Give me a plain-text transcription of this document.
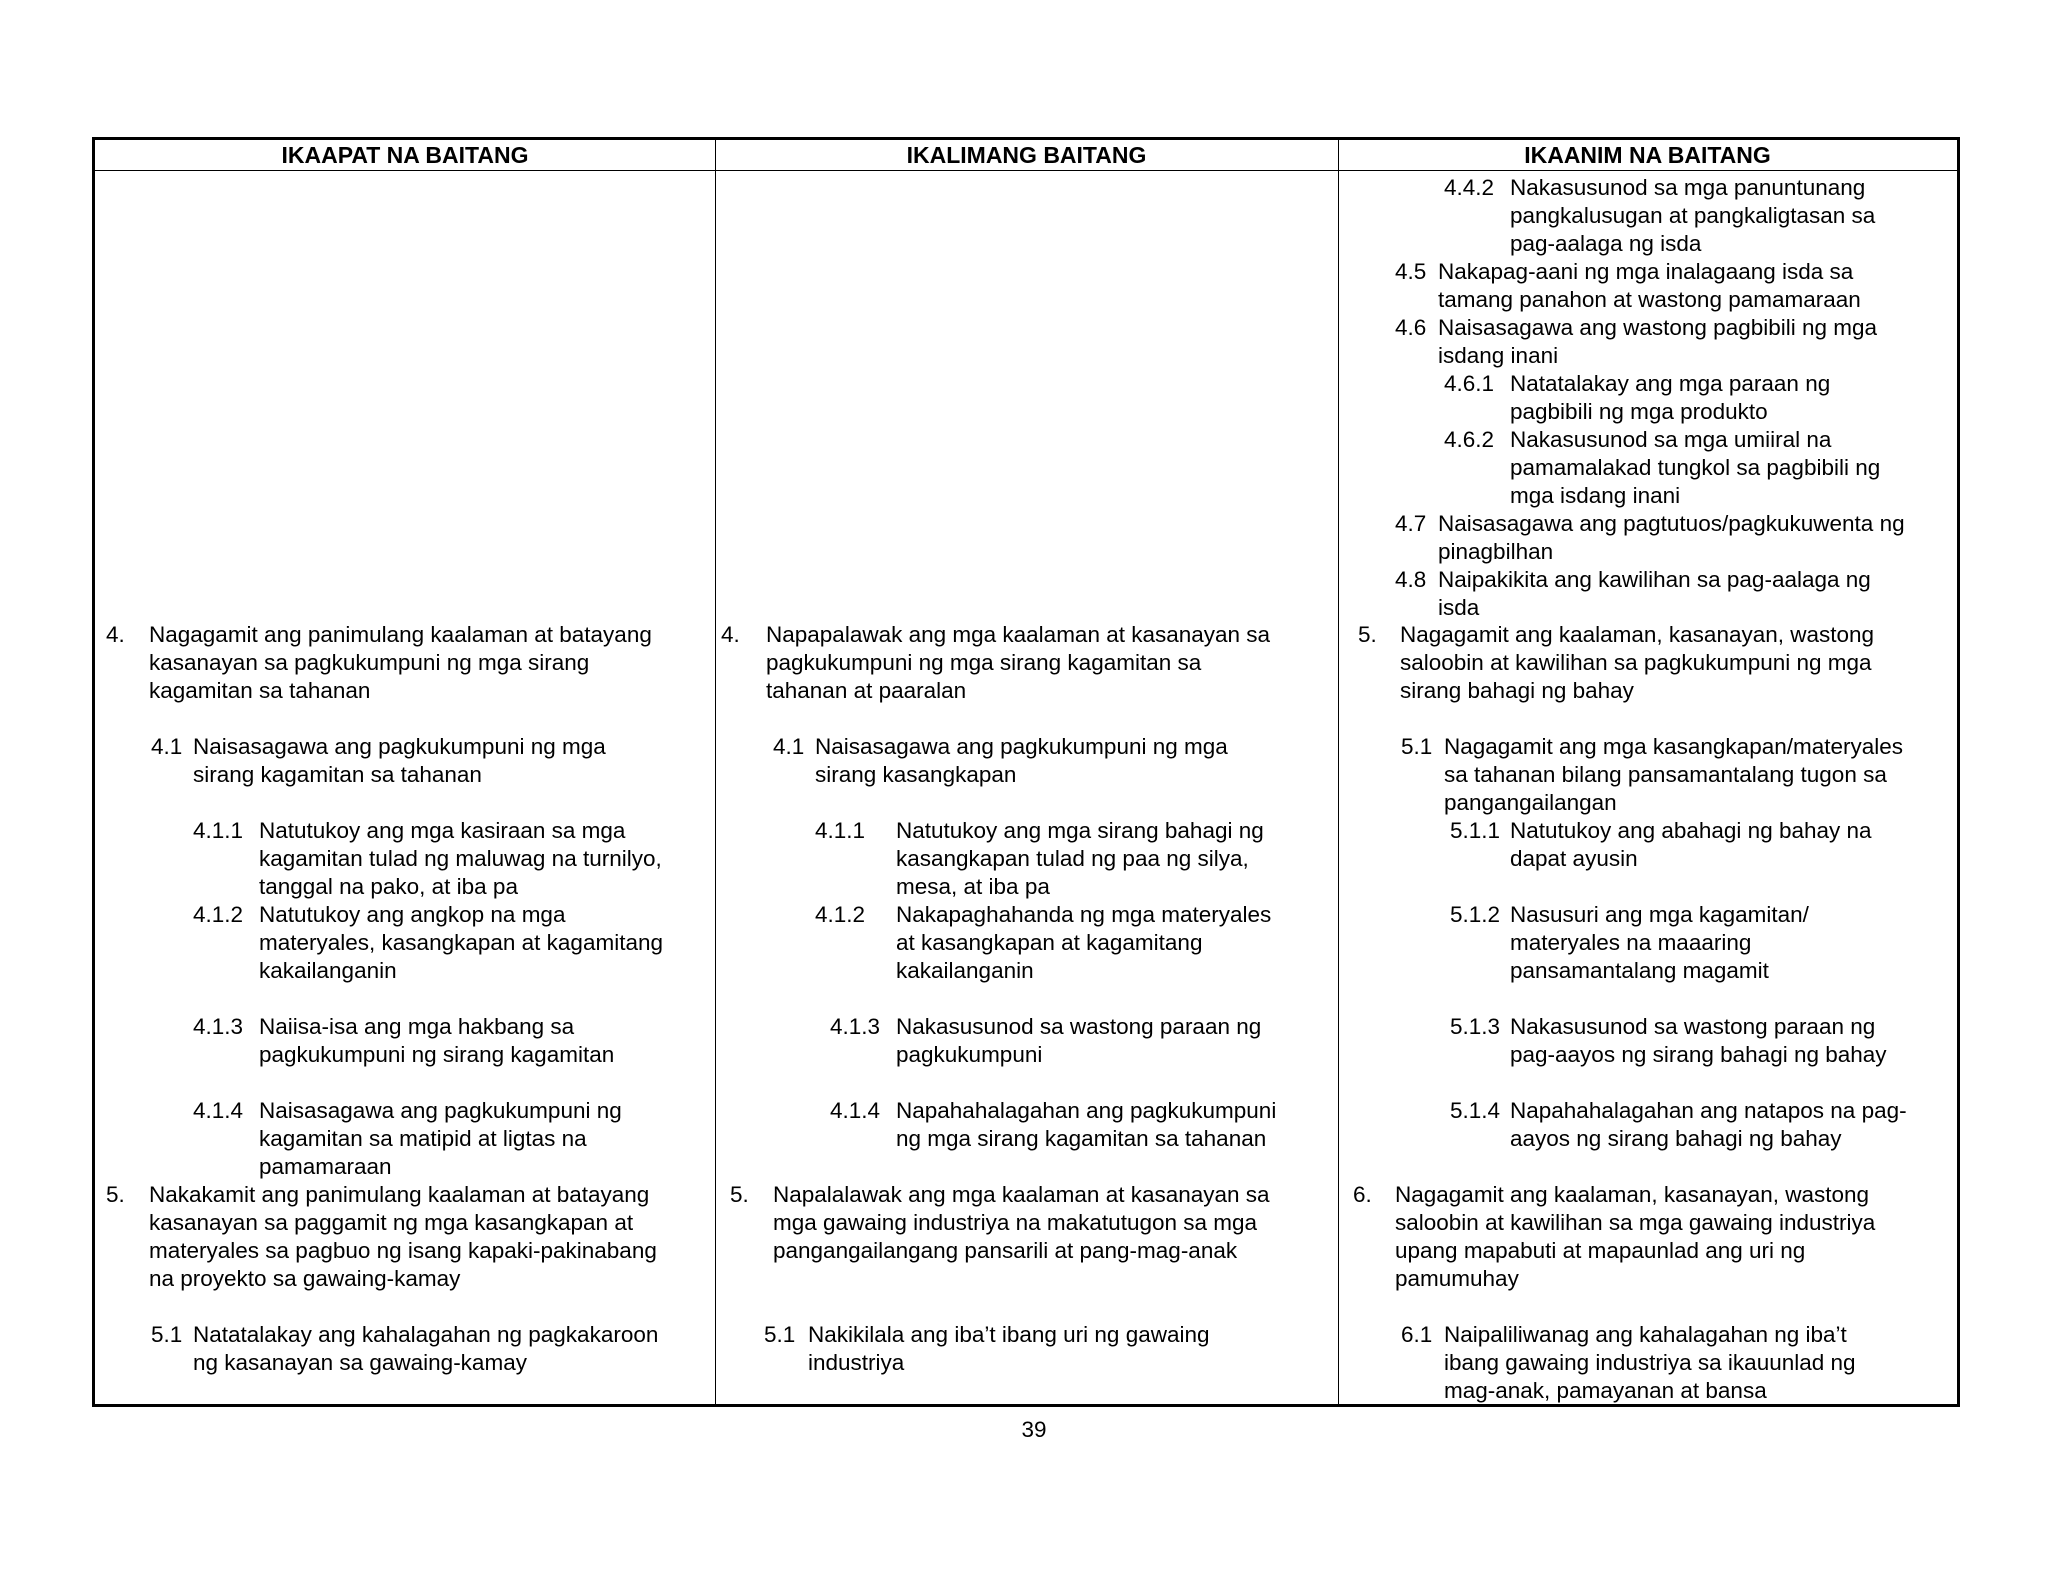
IKAAPAT NA BAITANG	IKALIMANG BAITANG	IKAANIM NA BAITANG
4. Nagagamit ang panimulang kaalaman at batayang
kasanayan sa pagkukumpuni ng mga sirang
kagamitan sa tahanan
4.1 Naisasagawa ang pagkukumpuni ng mga
sirang kagamitan sa tahanan
4.1.1 Natutukoy ang mga kasiraan sa mga
kagamitan tulad ng maluwag na turnilyo,
tanggal na pako, at iba pa
4.1.2 Natutukoy ang angkop na mga
materyales, kasangkapan at kagamitang
kakailanganin
4.1.3 Naiisa-isa ang mga hakbang sa
pagkukumpuni ng sirang kagamitan
4.1.4 Naisasagawa ang pagkukumpuni ng
kagamitan sa matipid at ligtas na
pamamaraan
5. Nakakamit ang panimulang kaalaman at batayang
kasanayan sa paggamit ng mga kasangkapan at
materyales sa pagbuo ng isang kapaki-pakinabang
na proyekto sa gawaing-kamay
5.1 Natatalakay ang kahalagahan ng pagkakaroon
ng kasanayan sa gawaing-kamay
4. Napapalawak ang mga kaalaman at kasanayan sa
pagkukumpuni ng mga sirang kagamitan sa
tahanan at paaralan
4.1 Naisasagawa ang pagkukumpuni ng mga
sirang kasangkapan
4.1.1 Natutukoy ang mga sirang bahagi ng
kasangkapan tulad ng paa ng silya,
mesa, at iba pa
4.1.2 Nakapaghahanda ng mga materyales
at kasangkapan at kagamitang
kakailanganin
4.1.3 Nakasusunod sa wastong paraan ng
pagkukumpuni
4.1.4 Napahahalagahan ang pagkukumpuni
ng mga sirang kagamitan sa tahanan
5. Napalalawak ang mga kaalaman at kasanayan sa
mga gawaing industriya na makatutugon sa mga
pangangailangang pansarili at pang-mag-anak
5.1 Nakikilala ang iba’t ibang uri ng gawaing
industriya
4.4.2 Nakasusunod sa mga panuntunang
pangkalusugan at pangkaligtasan sa
pag-aalaga ng isda
4.5 Nakapag-aani ng mga inalagaang isda sa
tamang panahon at wastong pamamaraan
4.6 Naisasagawa ang wastong pagbibili ng mga
isdang inani
4.6.1 Natatalakay ang mga paraan ng
pagbibili ng mga produkto
4.6.2 Nakasusunod sa mga umiiral na
pamamalakad tungkol sa pagbibili ng
mga isdang inani
4.7 Naisasagawa ang pagtutuos/pagkukuwenta ng
pinagbilhan
4.8 Naipakikita ang kawilihan sa pag-aalaga ng
isda
5. Nagagamit ang kaalaman, kasanayan, wastong
saloobin at kawilihan sa pagkukumpuni ng mga
sirang bahagi ng bahay
5.1 Nagagamit ang mga kasangkapan/materyales
sa tahanan bilang pansamantalang tugon sa
pangangailangan
5.1.1 Natutukoy ang abahagi ng bahay na
dapat ayusin
5.1.2 Nasusuri ang mga kagamitan/
materyales na maaaring
pansamantalang magamit
5.1.3 Nakasusunod sa wastong paraan ng
pag-aayos ng sirang bahagi ng bahay
5.1.4 Napahahalagahan ang natapos na pag-
aayos ng sirang bahagi ng bahay
6. Nagagamit ang kaalaman, kasanayan, wastong
saloobin at kawilihan sa mga gawaing industriya
upang mapabuti at mapaunlad ang uri ng
pamumuhay
6.1 Naipaliliwanag ang kahalagahan ng iba’t
ibang gawaing industriya sa ikauunlad ng
mag-anak, pamayanan at bansa
39
